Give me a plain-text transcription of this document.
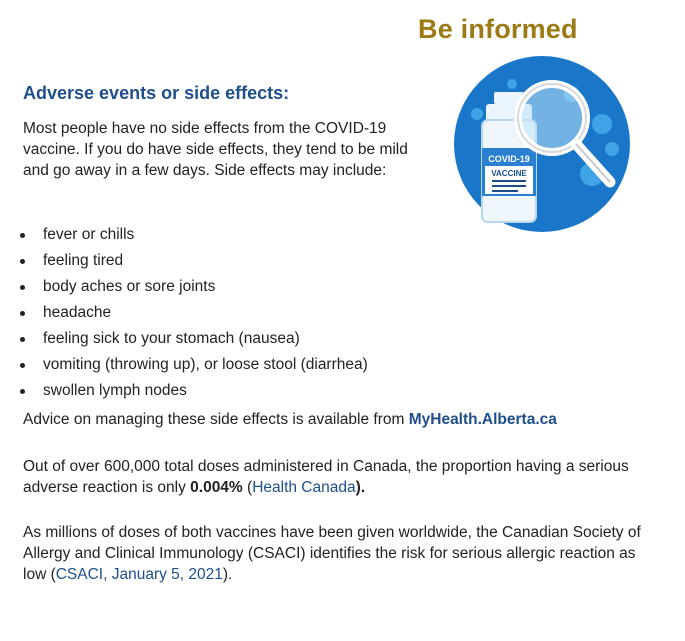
Be informed
COVID-19
VACCINE
Adverse events or side effects:

Most people have no side effects from the COVID-19 vaccine. If you do have side effects, they tend to be mild and go away in a few days. Side effects may include:

fever or chills
feeling tired
body aches or sore joints
headache
feeling sick to your stomach (nausea)
vomiting (throwing up), or loose stool (diarrhea)
swollen lymph nodes

Advice on managing these side effects is available from MyHealth.Alberta.ca

Out of over 600,000 total doses administered in Canada, the proportion having a serious adverse reaction is only 0.004% (Health Canada).

As millions of doses of both vaccines have been given worldwide, the Canadian Society of Allergy and Clinical Immunology (CSACI) identifies the risk for serious allergic reaction as low (CSACI, January 5, 2021).
